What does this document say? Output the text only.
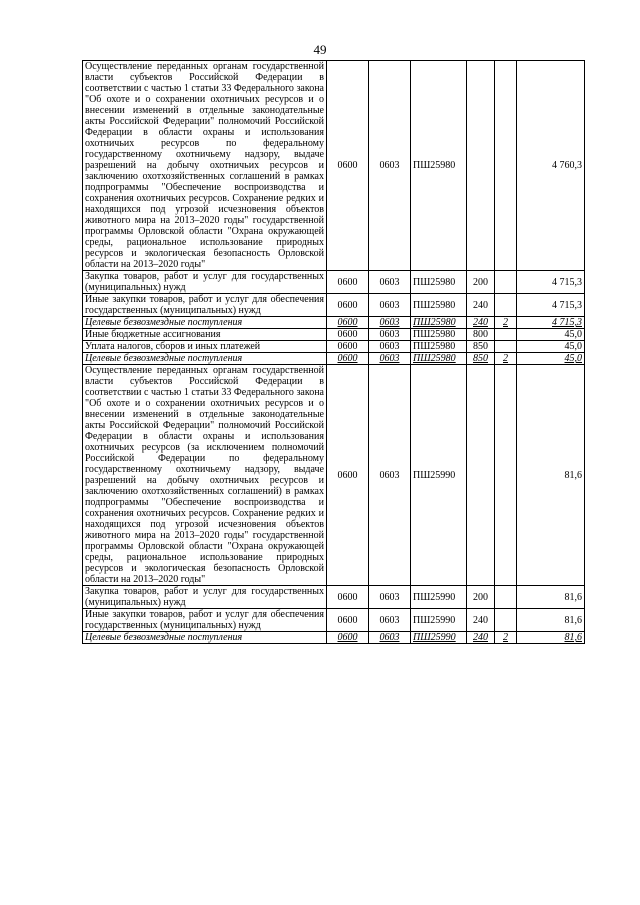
49
Осуществление переданных органам государственной власти субъектов Российской Федерации в соответствии с частью 1 статьи 33 Федерального закона "Об охоте и о сохранении охотничьих ресурсов и о внесении изменений в отдельные законодательные акты Российской Федерации" полномочий Российской Федерации в области охраны и использования охотничьих ресурсов по федеральному государственному охотничьему надзору, выдаче разрешений на добычу охотничьих ресурсов и заключению охотхозяйственных соглашений в рамках подпрограммы "Обеспечение воспроизводства и сохранения охотничьих ресурсов. Сохранение редких и находящихся под угрозой исчезновения объектов животного мира на 2013–2020 годы" государственной программы Орловской области "Охрана окружающей среды, рациональное использование природных ресурсов и экологическая безопасность Орловской области на 2013–2020 годы"	0600	0603	ПШ25980			4 760,3
Закупка товаров, работ и услуг для государственных (муниципальных) нужд	0600	0603	ПШ25980	200		4 715,3
Иные закупки товаров, работ и услуг для обеспечения государственных (муниципальных) нужд	0600	0603	ПШ25980	240		4 715,3
Целевые безвозмездные поступления	0600	0603	ПШ25980	240	2	4 715,3
Иные бюджетные ассигнования	0600	0603	ПШ25980	800		45,0
Уплата налогов, сборов и иных платежей	0600	0603	ПШ25980	850		45,0
Целевые безвозмездные поступления	0600	0603	ПШ25980	850	2	45,0
Осуществление переданных органам государственной власти субъектов Российской Федерации в соответствии с частью 1 статьи 33 Федерального закона "Об охоте и о сохранении охотничьих ресурсов и о внесении изменений в отдельные законодательные акты Российской Федерации" полномочий Российской Федерации в области охраны и использования охотничьих ресурсов (за исключением полномочий Российской Федерации по федеральному государственному охотничьему надзору, выдаче разрешений на добычу охотничьих ресурсов и заключению охотхозяйственных соглашений) в рамках подпрограммы "Обеспечение воспроизводства и сохранения охотничьих ресурсов. Сохранение редких и находящихся под угрозой исчезновения объектов животного мира на 2013–2020 годы" государственной программы Орловской области "Охрана окружающей среды, рациональное использование природных ресурсов и экологическая безопасность Орловской области на 2013–2020 годы"	0600	0603	ПШ25990			81,6
Закупка товаров, работ и услуг для государственных (муниципальных) нужд	0600	0603	ПШ25990	200		81,6
Иные закупки товаров, работ и услуг для обеспечения государственных (муниципальных) нужд	0600	0603	ПШ25990	240		81,6
Целевые безвозмездные поступления	0600	0603	ПШ25990	240	2	81,6
